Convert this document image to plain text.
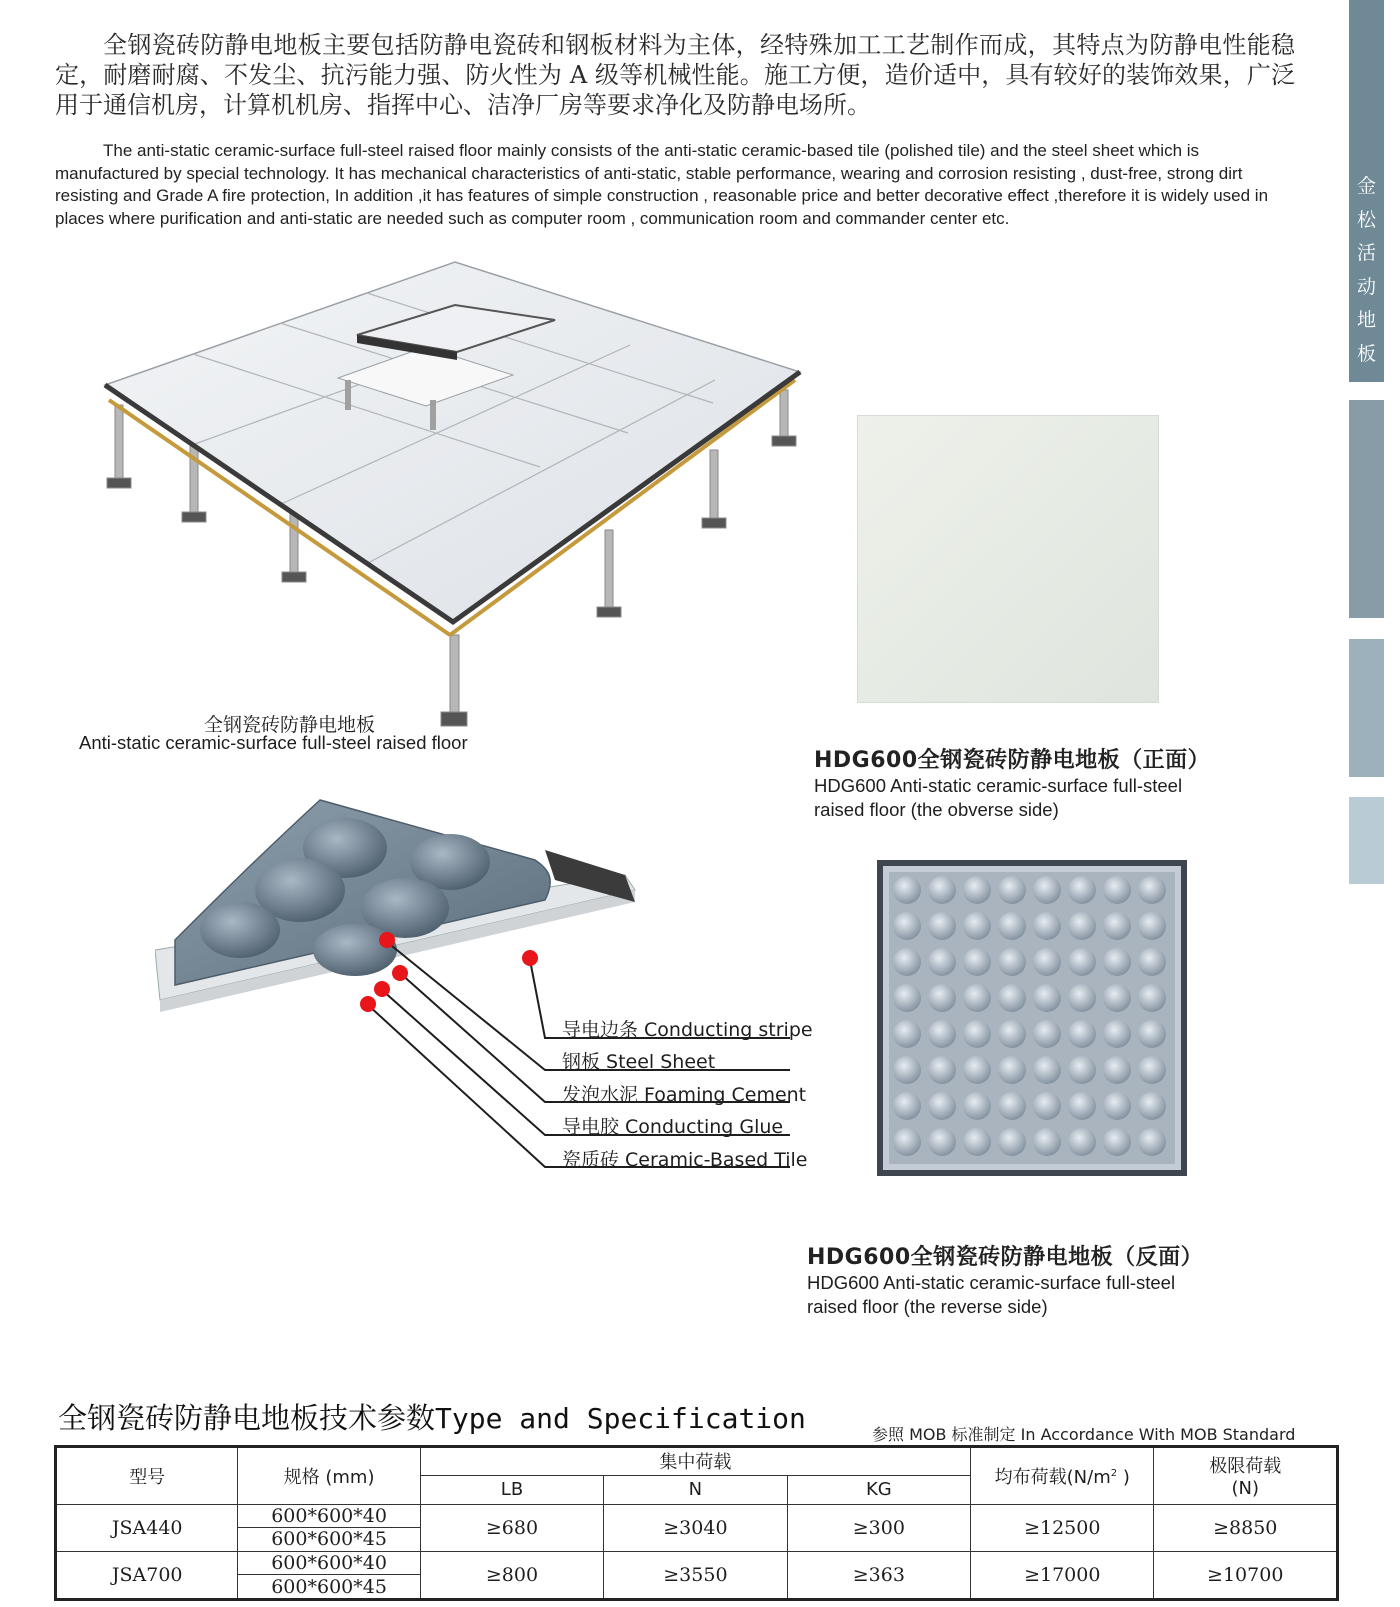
全钢瓷砖防静电地板主要包括防静电瓷砖和钢板材料为主体，经特殊加工工艺制作而成，其特点为防静电性能稳定，耐磨耐腐、不发尘、抗污能力强、防火性为 A 级等机械性能。施工方便，造价适中，具有较好的装饰效果，广泛用于通信机房，计算机机房、指挥中心、洁净厂房等要求净化及防静电场所。
The anti-static ceramic-surface full-steel raised floor mainly consists of the anti-static ceramic-based tile (polished tile) and the steel sheet which is manufactured by special technology. It has mechanical characteristics of anti-static, stable performance, wearing and corrosion resisting , dust-free, strong dirt resisting and Grade A fire protection, In addition ,it has features of simple construction , reasonable price and better decorative effect ,therefore it is widely used in places where purification and anti-static are needed such as computer room , communication room and commander center etc.
金松活动地板
全钢瓷砖防静电地板
Anti-static ceramic-surface full-steel raised floor
HDG600全钢瓷砖防静电地板（正面）
HDG600 Anti-static ceramic-surface full-steel
raised floor (the obverse side)
导电边条 Conducting stripe
钢板 Steel Sheet
发泡水泥 Foaming Cement
导电胶 Conducting Glue
瓷质砖 Ceramic-Based Tile
HDG600全钢瓷砖防静电地板（反面）
HDG600 Anti-static ceramic-surface full-steel
raised floor (the reverse side)
全钢瓷砖防静电地板技术参数Type and Specification	参照 MOB 标准制定 In Accordance With MOB Standard
型号	规格 (mm)	集中荷载			均布荷载($N/m^2$ )	极限荷载
(N)

		LB	N	KG		
JSA440	600*600*40	≥680	≥3040	≥300	≥12500	≥8850
	600*600*45					
JSA700	600*600*40	≥800	≥3550	≥363	≥17000	≥10700
	600*600*45					
